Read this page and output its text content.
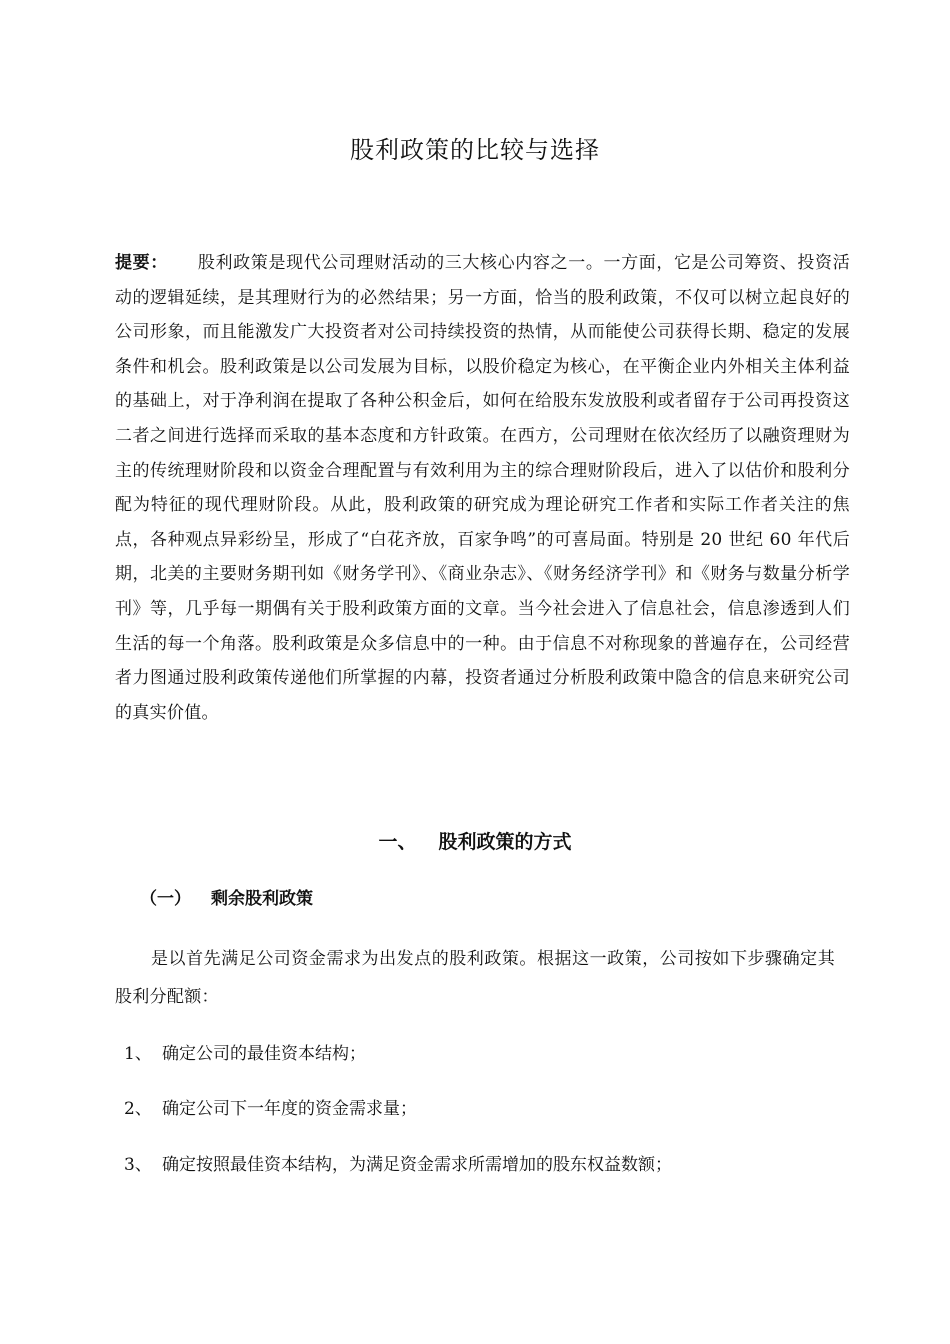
股利政策的比较与选择
提要： 股利政策是现代公司理财活动的三大核心内容之一。一方面，它是公司筹资、投资活动的逻辑延续，是其理财行为的必然结果；另一方面，恰当的股利政策，不仅可以树立起良好的公司形象，而且能激发广大投资者对公司持续投资的热情，从而能使公司获得长期、稳定的发展条件和机会。股利政策是以公司发展为目标，以股价稳定为核心，在平衡企业内外相关主体利益的基础上，对于净利润在提取了各种公积金后，如何在给股东发放股利或者留存于公司再投资这二者之间进行选择而采取的基本态度和方针政策。在西方，公司理财在依次经历了以融资理财为主的传统理财阶段和以资金合理配置与有效利用为主的综合理财阶段后，进入了以估价和股利分配为特征的现代理财阶段。从此，股利政策的研究成为理论研究工作者和实际工作者关注的焦点，各种观点异彩纷呈，形成了“白花齐放，百家争鸣”的可喜局面。特别是 20 世纪 60 年代后期，北美的主要财务期刊如《财务学刊》、《商业杂志》、《财务经济学刊》和《财务与数量分析学刊》等，几乎每一期偶有关于股利政策方面的文章。当今社会进入了信息社会，信息渗透到人们生活的每一个角落。股利政策是众多信息中的一种。由于信息不对称现象的普遍存在，公司经营者力图通过股利政策传递他们所掌握的内幕，投资者通过分析股利政策中隐含的信息来研究公司的真实价值。
一、 股利政策的方式
（一） 剩余股利政策
是以首先满足公司资金需求为出发点的股利政策。根据这一政策，公司按如下步骤确定其股利分配额：
1、 确定公司的最佳资本结构；
2、 确定公司下一年度的资金需求量；
3、 确定按照最佳资本结构，为满足资金需求所需增加的股东权益数额；
